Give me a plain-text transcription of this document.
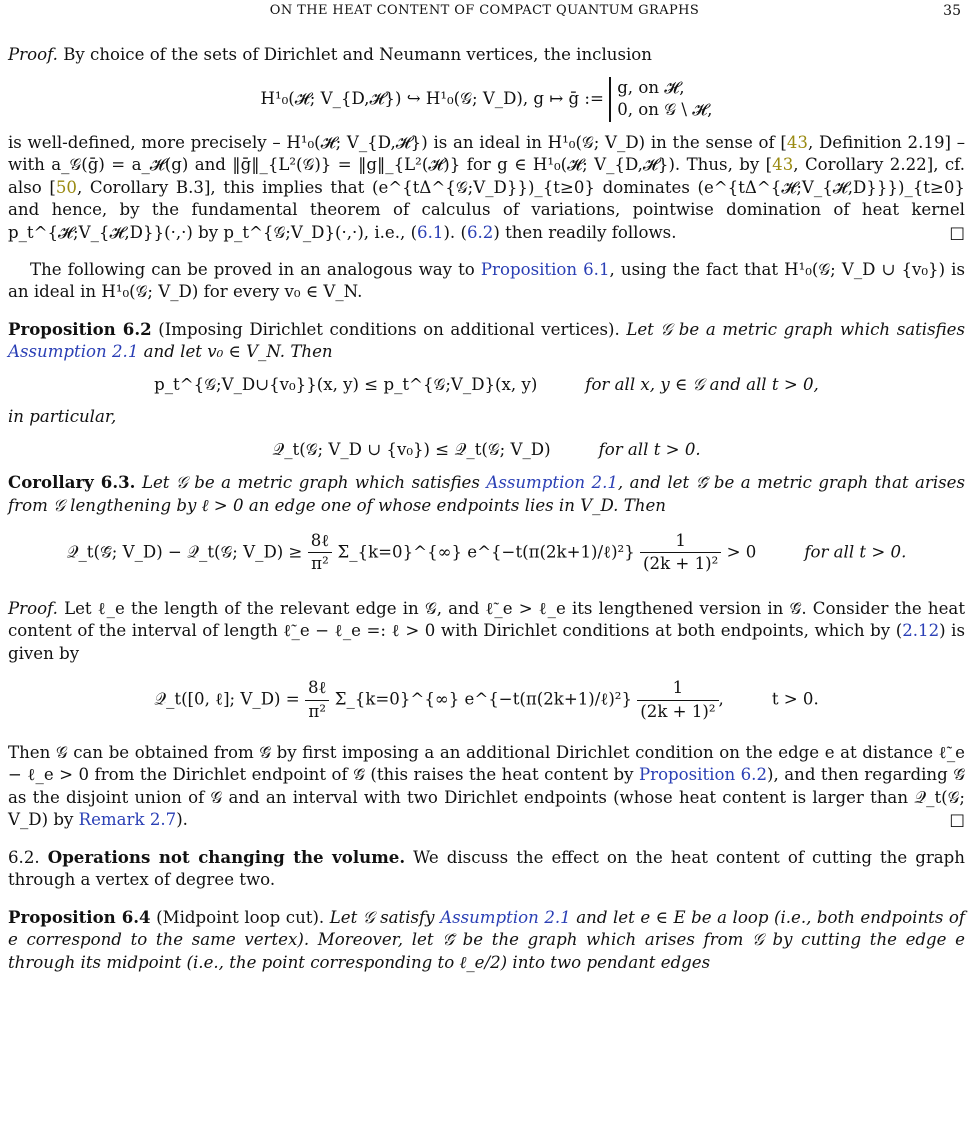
ON THE HEAT CONTENT OF COMPACT QUANTUM GRAPHS	35

Proof. By choice of the sets of Dirichlet and Neumann vertices, the inclusion

H¹₀(𝓗; V_{D,𝓗}) ↪ H¹₀(𝒢; V_D), g ↦ ḡ :=
g, on 𝓗,
0, on 𝒢 \ 𝓗,

is well-defined, more precisely – H¹₀(𝓗; V_{D,𝓗}) is an ideal in H¹₀(𝒢; V_D) in the sense of [43, Definition 2.19] – with a_𝒢(ḡ) = a_𝓗(g) and ‖ḡ‖_{L²(𝒢)} = ‖g‖_{L²(𝓗)} for g ∈ H¹₀(𝓗; V_{D,𝓗}). Thus, by [43, Corollary 2.22], cf. also [50, Corollary B.3], this implies that (e^{tΔ^{𝒢;V_D}})_{t≥0} dominates (e^{tΔ^{𝓗;V_{𝓗,D}}})_{t≥0} and hence, by the fundamental theorem of calculus of variations, pointwise domination of heat kernel p_t^{𝓗;V_{𝓗,D}}(·,·) by p_t^{𝒢;V_D}(·,·), i.e., (6.1). (6.2) then readily follows.	□

The following can be proved in an analogous way to Proposition 6.1, using the fact that H¹₀(𝒢; V_D ∪ {v₀}) is an ideal in H¹₀(𝒢; V_D) for every v₀ ∈ V_N.

Proposition 6.2 (Imposing Dirichlet conditions on additional vertices). Let 𝒢 be a metric graph which satisfies Assumption 2.1 and let v₀ ∈ V_N. Then

p_t^{𝒢;V_D∪{v₀}}(x, y) ≤ p_t^{𝒢;V_D}(x, y)	for all x, y ∈ 𝒢 and all t > 0,

in particular,

𝒬_t(𝒢; V_D ∪ {v₀}) ≤ 𝒬_t(𝒢; V_D)	for all t > 0.

Corollary 6.3. Let 𝒢 be a metric graph which satisfies Assumption 2.1, and let 𝒢̃ be a metric graph that arises from 𝒢 lengthening by ℓ > 0 an edge one of whose endpoints lies in V_D. Then

𝒬_t(𝒢̃; V_D) − 𝒬_t(𝒢; V_D) ≥ $\frac{\text{8ℓ}}{\text{π²}}$ Σ_{k=0}^{∞} e^{−t(π(2k+1)/ℓ)²} $\frac{1}{\text{(2k + 1)²}} > 0$	for all t > 0.

Proof. Let ℓ_e the length of the relevant edge in 𝒢, and ℓ̃_e > ℓ_e its lengthened version in 𝒢̃. Consider the heat content of the interval of length ℓ̃_e − ℓ_e =: ℓ > 0 with Dirichlet conditions at both endpoints, which by (2.12) is given by

𝒬_t([0, ℓ]; V_D) = $\frac{\text{8ℓ}}{\text{π²}}$ Σ_{k=0}^{∞} e^{−t(π(2k+1)/ℓ)²} $\frac{1}{\text{(2k + 1)²}}$ ,	t > 0.

Then 𝒢 can be obtained from 𝒢̃ by first imposing a an additional Dirichlet condition on the edge e at distance ℓ̃_e − ℓ_e > 0 from the Dirichlet endpoint of 𝒢̃ (this raises the heat content by Proposition 6.2), and then regarding 𝒢̃ as the disjoint union of 𝒢 and an interval with two Dirichlet endpoints (whose heat content is larger than 𝒬_t(𝒢; V_D) by Remark 2.7).	□

6.2. Operations not changing the volume. We discuss the effect on the heat content of cutting the graph through a vertex of degree two.

Proposition 6.4 (Midpoint loop cut). Let 𝒢 satisfy Assumption 2.1 and let e ∈ E be a loop (i.e., both endpoints of e correspond to the same vertex). Moreover, let 𝒢̃ be the graph which arises from 𝒢 by cutting the edge e through its midpoint (i.e., the point corresponding to ℓ_e/2) into two pendant edges
